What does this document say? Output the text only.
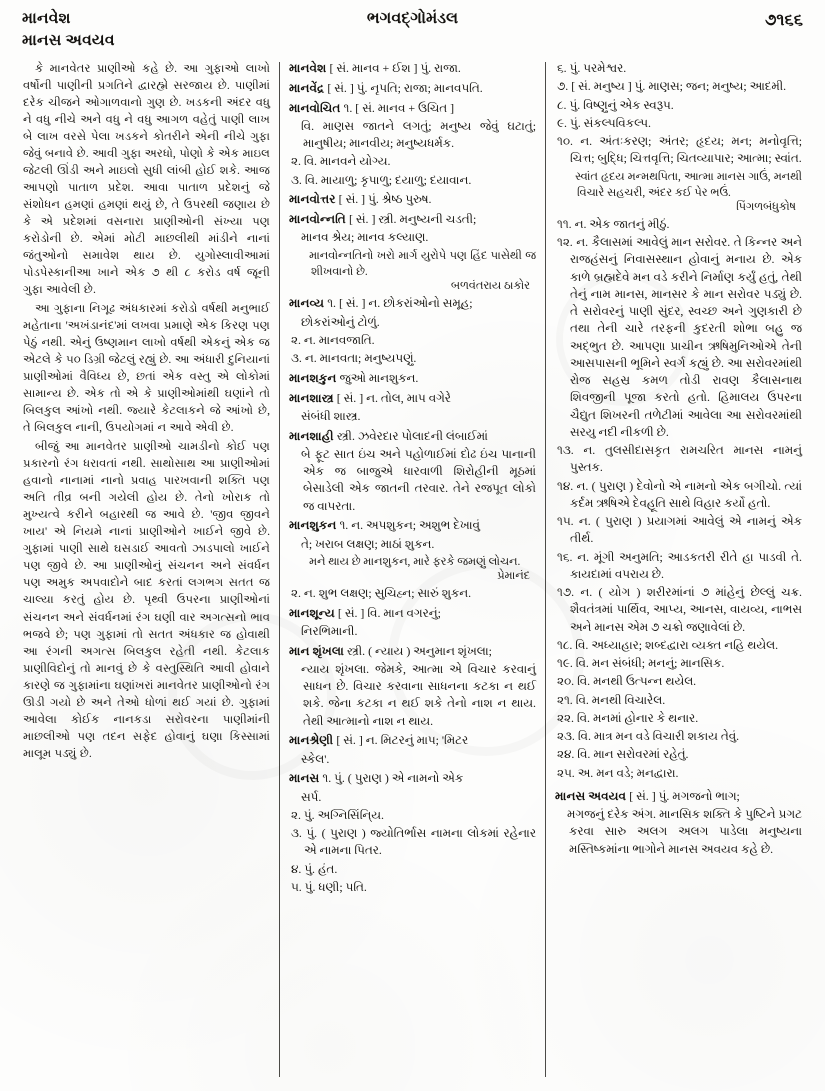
માનવેશ
માનસ અવયવ
ભગવદ્ગોમંડલ	૭૧૬૬

કે માનવેતર પ્રાણીઓ કહે છે. આ ગુફાઓ લાખો વર્ષોની પાણીની પ્રગતિને દ્વારહ્મે સરજાય છે. પાણીમાં દરેક ચીજને ઓગાળવાનો ગુણ છે. ખડકની અંદર વધુ ને વધુ નીચે અને વધુ ને વધુ આગળ વહેતું પાણી લાખ બે લાખ વરસે પેલા ખડકને કોતરીને એની નીચે ગુફા જેવું બનાવે છે. આવી ગુફા અરધો, પોણો કે એક માઇલ જેટલી ઊંડી અને માઇલો સુધી લાંબી હોઈ શકે. આજ આપણો પાતાળ પ્રદેશ. આવા પાતાળ પ્રદેશનું જે સંશોધન હમણાં હમણાં થયું છે, તે ઉપરથી જણાય છે કે એ પ્રદેશમાં વસનારા પ્રાણીઓની સંખ્યા પણ કરોડોની છે. એમાં મોટી માછલીથી માંડીને નાનાં જંતુઓનો સમાવેશ થાય છે. યુગોસ્લાવીઆમાં પોડપેસ્કાનીઆ ખાને એક ૭ થી ૮ કરોડ વર્ષ જૂની ગુફા આવેલી છે.

આ ગુફાના નિગૂઢ અંધકારમાં કરોડો વર્ષથી મનુભાઈ મહેતાના 'અખંડાનંદ'માં લખવા પ્રમાણે એક કિરણ પણ પેઠું નથી. એનું ઉષ્ણમાન લાખો વર્ષથી એકનું એક જ એટલે કે ૫૦ ડિગ્રી જેટલું રહ્યું છે. આ અંધારી દુનિયાનાં પ્રાણીઓમાં વૈવિધ્ય છે, છતાં એક વસ્તુ એ લોકોમાં સામાન્ય છે. એક તો એ કે પ્રાણીઓમાંથી ઘણાંને તો બિલકુલ આંખો નથી. જ્યારે કેટલાકને જે આંખો છે, તે બિલકુલ નાની, ઉપયોગમાં ન આવે એવી છે.

બીજું આ માનવેતર પ્રાણીઓ ચામડીનો કોઈ પણ પ્રકારનો રંગ ધરાવતાં નથી. સાથોસાથ આ પ્રાણીઓમાં હવાનો નાનામાં નાનો પ્રવાહ પારખવાની શક્તિ પણ અતિ તીવ્ર બની ગયેલી હોય છે. તેનો ખોરાક તો મુખ્યત્વે કરીને બહારથી જ આવે છે. 'જીવ જીવને ખાય' એ નિયમે નાનાં પ્રાણીઓને ખાઈને જીવે છે. ગુફામાં પાણી સાથે ઘસડાઈ આવતો ઝાડપાલો ખાઈને પણ જીવે છે. આ પ્રાણીઓનું સંચનન અને સંવર્ધન પણ અમુક અપવાદોને બાદ કરતાં લગભગ સતત જ ચાલ્યા કરતું હોય છે. પૃથ્વી ઉપરના પ્રાણીઓનાં સંચનન અને સંવર્ધનમાં રંગ ઘણી વાર અગત્સનો ભાવ ભજવે છે; પણ ગુફામાં તો સતત અંધકાર જ હોવાથી આ રંગની અગત્સ બિલકુલ રહેતી નથી. કેટલાક પ્રાણીવિદોનું તો માનવું છે કે વસ્તુસ્થિતિ આવી હોવાને કારણે જ ગુફામાંના ઘણાંખરાં માનવેતર પ્રાણીઓનો રંગ ઊડી ગયો છે અને તેઓ ધોળાં થઈ ગયાં છે. ગુફામાં આવેલા કોઈક નાનકડા સરોવરના પાણીમાંની માછલીઓ પણ તદન સફેદ હોવાનું ઘણા કિસ્સામાં માલૂમ પડ્યું છે.

માનવેશ [ સં. માનવ + ઈશ ] પું. રાજા.
માનવેંદ્ર [ સં. ] પું. નૃપતિ; રાજા; માનવપતિ.
માનવોચિત ૧. [ સં. માનવ + ઉચિત ]
વિ. માણસ જાતને લગતું; મનુષ્ય જેવું ઘટાતું; માનુષીય; માનવીય; મનુષ્યધર્મક.
૨. વિ. માનવને યોગ્ય.
૩. વિ. માયાળુ; કૃપાળુ; દયાળુ; દયાવાન.
માનવોત્તર [ સં. ] પું. શ્રેષ્ઠ પુરુષ.
માનવોન્નતિ [ સં. ] સ્ત્રી. મનુષ્યની ચડતી;
માનવ શ્રેય; માનવ કલ્યાણ.
માનવોન્નતિનો ખરો માર્ગ યુરોપે પણ હિંદ પાસેથી જ શીખવાનો છે.
બળવંતરાય ઠાકોર
માનવ્ય ૧. [ સં. ] ન. છોકરાંઓનો સમૂહ;
છોકરાંઓનું ટોળું.
૨. ન. માનવજાતિ.
૩. ન. માનવતા; મનુષ્યપણું.
માનશકુન જુઓ માનશુકન.
માનશાસ્ત્ર [ સં. ] ન. તોલ, માપ વગેરે
સંબંધી શાસ્ત્ર.
માનશાહી સ્ત્રી. ઝવેરદાર પોલાદની લંબાઈમાં
બે ફૂટ સાત ઇંચ અને પહોળાઈમાં દોઢ ઇંચ પાનાની એક જ બાજુએ ધારવાળી શિરોહીની મૂઠમાં બેસાડેલી એક જાતની તરવાર. તેને રજપૂત લોકો જ વાપરતા.
માનશુકન ૧. ન. અપશુકન; અશુભ દેખાવું
તે; ખરાબ લક્ષણ; માઠાં શુકન.
મને થાય છે માનશુકન, મારે ફરકે જમણું લોચન.
પ્રેમાનંદ
૨. ન. શુભ લક્ષણ; સુચિહ્ન; સારું શુકન.
માનશૂન્ય [ સં. ] વિ. માન વગરનું;
નિરભિમાની.
માન શૃંખલા સ્ત્રી. ( ન્યાય ) અનુમાન શૃંખલા;
ન્યાય શૃંખલા. જેમકે, આત્મા એ વિચાર કરવાનું સાધન છે. વિચાર કરવાના સાધનના કટકા ન થઈ શકે. જેના કટકા ન થઈ શકે તેનો નાશ ન થાય. તેથી આત્માનો નાશ ન થાય.
માનશ્રેણી [ સં. ] ન. મિટરનું માપ; 'મિટર
સ્કેલ'.
માનસ ૧. પું. ( પુરાણ ) એ નામનો એક
સર્પ.
૨. પું. અગ્નિસિંનિ્ય.
૩. પું. ( પુરાણ ) જ્યોતિર્ભાસ નામના લોકમાં રહેનાર એ નામના પિતર.
૪. પું. હંત.
૫. પું. ધણી; પતિ.
૬. પું. પરમેશ્વર.
૭. [ સં. મનુષ્ય ] પું. માણસ; જન; મનુષ્ય; આદમી.
૮. પું. વિષ્ણુનું એક સ્વરૂપ.
૯. પું. સંકલ્પવિકલ્પ.
૧૦. ન. અંતઃકરણ; અંતર; હૃદય; મન; મનોવૃત્તિ; ચિત્ત; બુદ્ધિ; ચિત્તવૃત્તિ; ચિતવ્યાપાર; આત્મા; સ્વાંત.
સ્વાંત હૃદય મન્મથપિતા, આત્મા માનસ ગાઉં, મનથી વિચારે સહચરી, અંદર કઈ પેર ભઉં.
પિંગળબંધુકોષ
૧૧. ન. એક જાતનું મીઠું.
૧૨. ન. કૈલાસમાં આવેલું માન સરોવર. તે કિન્નર અને રાજહંસનું નિવાસસ્થાન હોવાનું મનાય છે. એક કાળે બ્રહ્મદેવે મન વડે કરીને નિર્માણ કર્યું હતું, તેથી તેનું નામ માનસ, માનસર કે માન સરોવર પડ્યું છે. તે સરોવરનું પાણી સુંદર, સ્વચ્છ અને ગુણકારી છે તથા તેની ચારે તરફની કુદરતી શોભા બહુ જ અદ્ભુત છે. આપણા પ્રાચીન ઋષિમુનિઓએ તેની આસપાસની ભૂમિને સ્વર્ગ કહ્યું છે. આ સરોવરમાંથી રોજ સહસ્ર કમળ તોડી રાવણ કૈલાસનાથ શિવજીની પૂજા કરતો હતો. હિમાલય ઉપરના ચૈદ્યુત શિખરની તળેટીમાં આવેલા આ સરોવરમાંથી સરયુ નદી નીકળી છે.
૧૩. ન. તુલસીદાસકૃત રામચરિત માનસ નામનું પુસ્તક.
૧૪. ન. ( પુરાણ ) દેવોનો એ નામનો એક બગીચો. ત્યાં કર્દમ ઋષિએ દેવહૂતિ સાથે વિહાર કર્યો હતો.
૧૫. ન. ( પુરાણ ) પ્રયાગમાં આવેલું એ નામનું એક તીર્થ.
૧૬. ન. મૂંગી અનુમતિ; આડકતરી રીતે હા પાડવી તે. કાયદામાં વપરાય છે.
૧૭. ન. ( યોગ ) શરીરમાંનાં ૭ માંહેનું છેલ્લું ચક્ર. શૈવતંત્રમાં પાર્થિવ, આપ્ય, આનસ, વાયવ્ય, નાભસ અને માનસ એમ ૭ ચક્રો જણાવેલાં છે.
૧૮. વિ. અધ્યાહાર; શબ્દદ્વારા વ્યક્ત નહિ થયેલ.
૧૯. વિ. મન સંબંધી; મનનું; માનસિક.
૨૦. વિ. મનથી ઉત્પન્ન થયેલ.
૨૧. વિ. મનથી વિચારેલ.
૨૨. વિ. મનમાં હોનાર કે થનાર.
૨૩. વિ. માત્ર મન વડે વિચારી શકાય તેવું.
૨૪. વિ. માન સરોવરમાં રહેતું.
૨૫. અ. મન વડે; મનદ્વારા.
માનસ અવયવ [ સં. ] પું. મગજનો ભાગ;
મગજનું દરેક અંગ. માનસિક શક્તિ કે પુષ્ટિને પ્રગટ કરવા સારુ અલગ અલગ પાડેલા મનુષ્યના મસ્તિષ્કમાંના ભાગોને માનસ અવયવ કહે છે.
